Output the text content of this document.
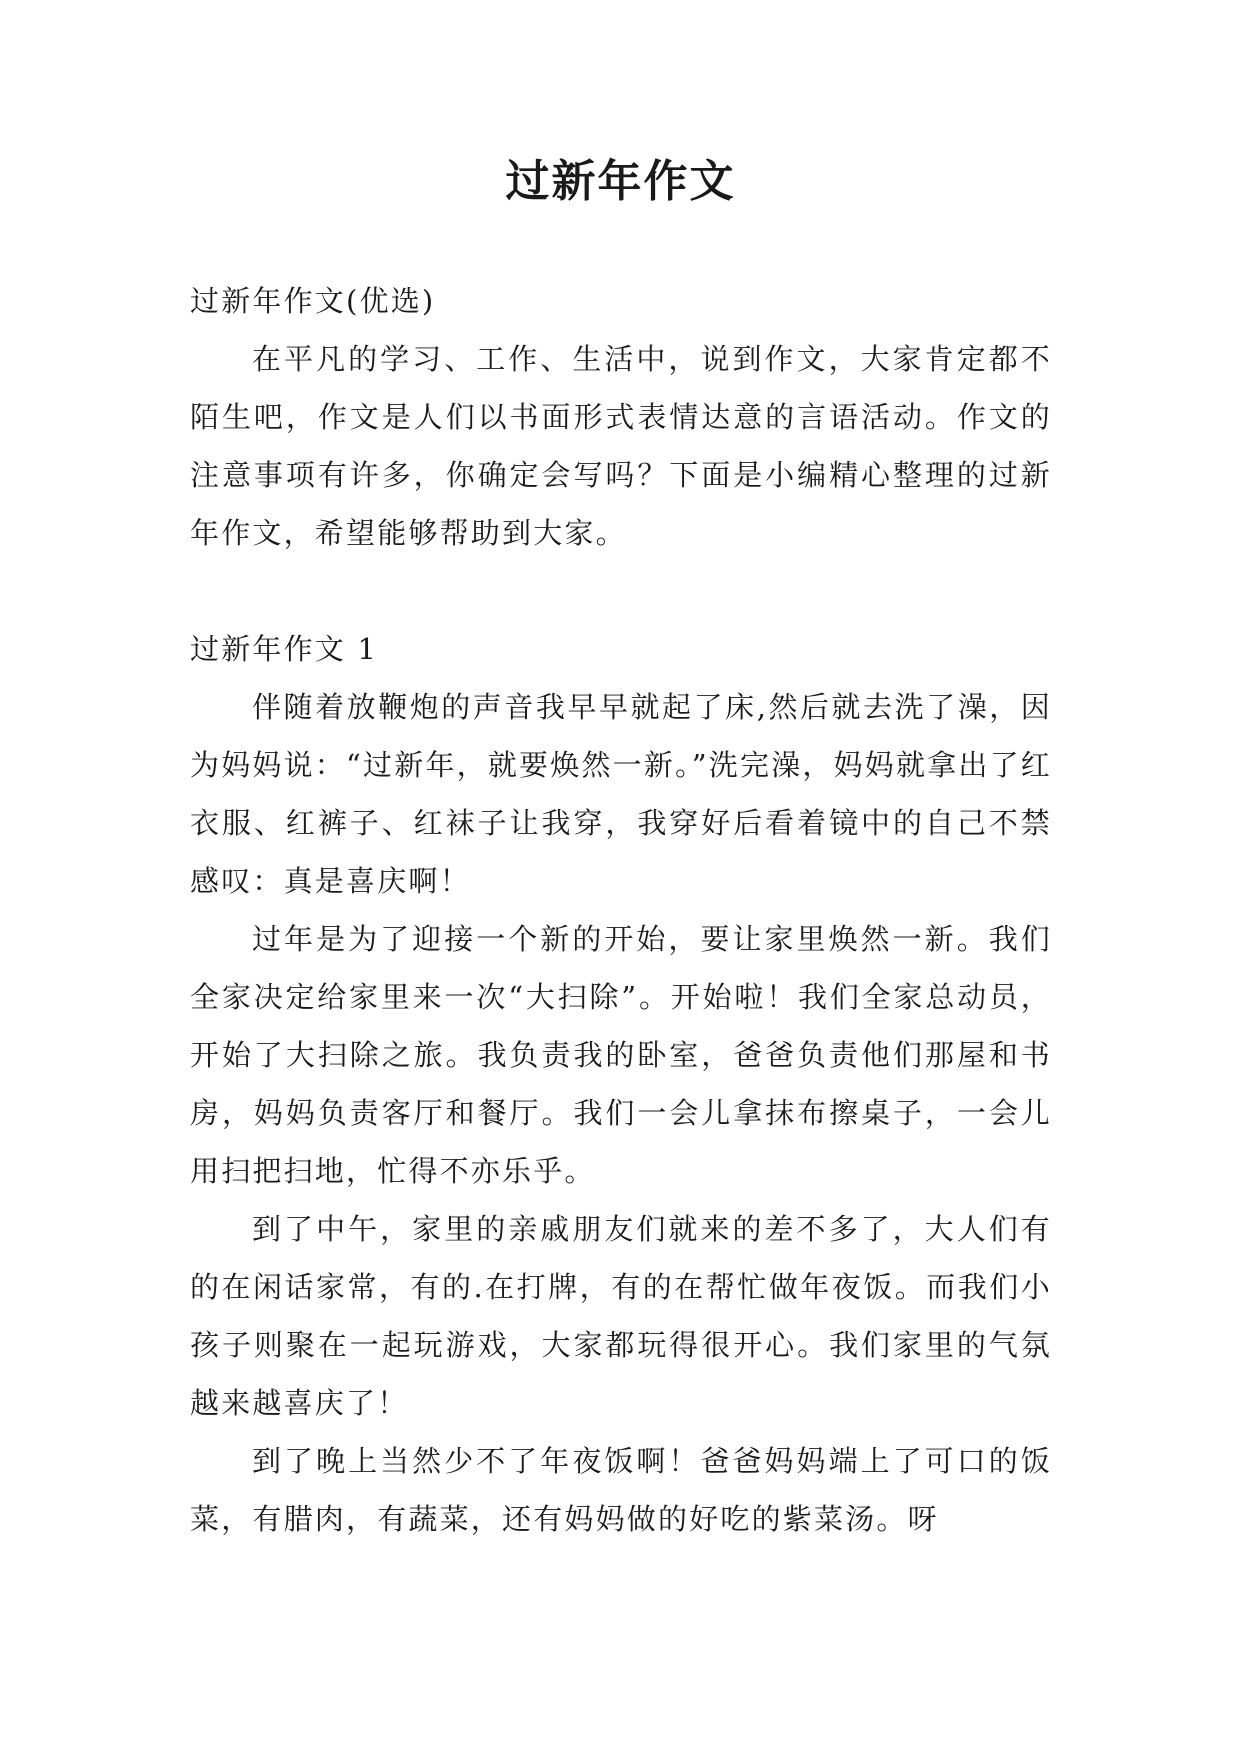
过新年作文

过新年作文(优选)

在平凡的学习、工作、生活中，说到作文，大家肯定都不陌生吧，作文是人们以书面形式表情达意的言语活动。作文的注意事项有许多，你确定会写吗？下面是小编精心整理的过新年作文，希望能够帮助到大家。

过新年作文 1

伴随着放鞭炮的声音我早早就起了床,然后就去洗了澡，因为妈妈说：“过新年，就要焕然一新。”洗完澡，妈妈就拿出了红衣服、红裤子、红袜子让我穿，我穿好后看着镜中的自己不禁感叹：真是喜庆啊！

过年是为了迎接一个新的开始，要让家里焕然一新。我们全家决定给家里来一次“大扫除”。开始啦！我们全家总动员，开始了大扫除之旅。我负责我的卧室，爸爸负责他们那屋和书房，妈妈负责客厅和餐厅。我们一会儿拿抹布擦桌子，一会儿用扫把扫地，忙得不亦乐乎。

到了中午，家里的亲戚朋友们就来的差不多了，大人们有的在闲话家常，有的.在打牌，有的在帮忙做年夜饭。而我们小孩子则聚在一起玩游戏，大家都玩得很开心。我们家里的气氛越来越喜庆了！

到了晚上当然少不了年夜饭啊！爸爸妈妈端上了可口的饭菜，有腊肉，有蔬菜，还有妈妈做的好吃的紫菜汤。呀
